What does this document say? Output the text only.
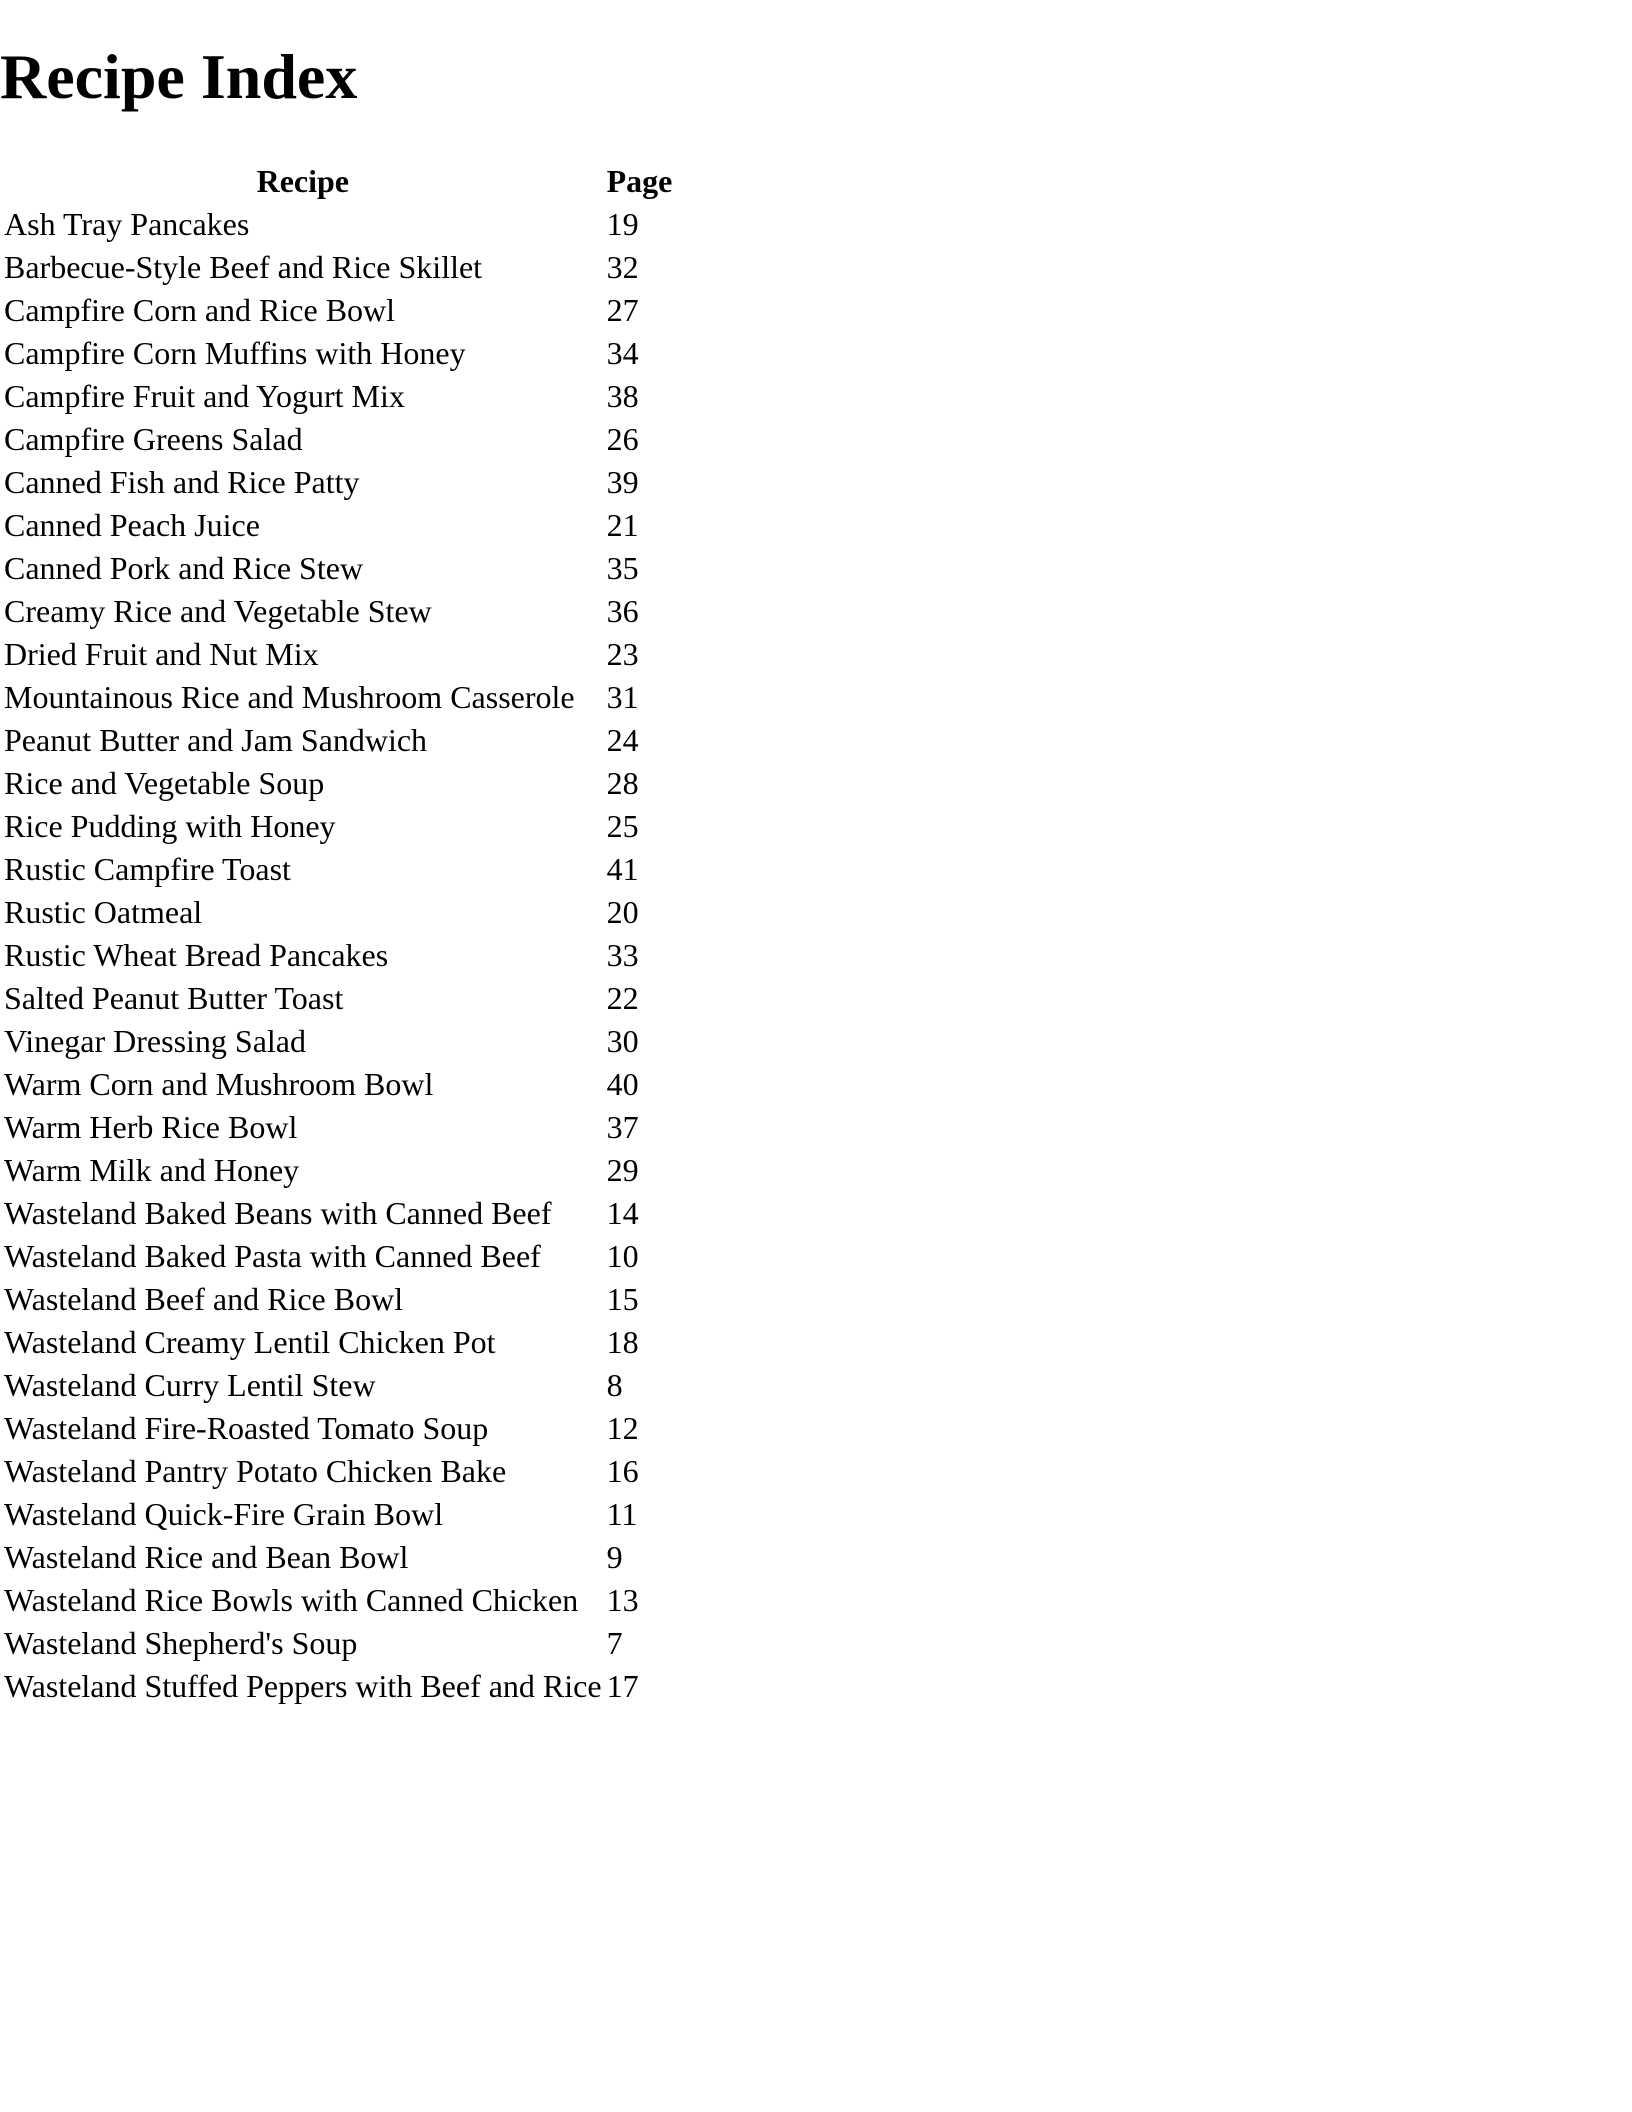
Recipe Index
Recipe	Page
Ash Tray Pancakes	19
Barbecue-Style Beef and Rice Skillet	32
Campfire Corn and Rice Bowl	27
Campfire Corn Muffins with Honey	34
Campfire Fruit and Yogurt Mix	38
Campfire Greens Salad	26
Canned Fish and Rice Patty	39
Canned Peach Juice	21
Canned Pork and Rice Stew	35
Creamy Rice and Vegetable Stew	36
Dried Fruit and Nut Mix	23
Mountainous Rice and Mushroom Casserole	31
Peanut Butter and Jam Sandwich	24
Rice and Vegetable Soup	28
Rice Pudding with Honey	25
Rustic Campfire Toast	41
Rustic Oatmeal	20
Rustic Wheat Bread Pancakes	33
Salted Peanut Butter Toast	22
Vinegar Dressing Salad	30
Warm Corn and Mushroom Bowl	40
Warm Herb Rice Bowl	37
Warm Milk and Honey	29
Wasteland Baked Beans with Canned Beef	14
Wasteland Baked Pasta with Canned Beef	10
Wasteland Beef and Rice Bowl	15
Wasteland Creamy Lentil Chicken Pot	18
Wasteland Curry Lentil Stew	8
Wasteland Fire-Roasted Tomato Soup	12
Wasteland Pantry Potato Chicken Bake	16
Wasteland Quick-Fire Grain Bowl	11
Wasteland Rice and Bean Bowl	9
Wasteland Rice Bowls with Canned Chicken	13
Wasteland Shepherd's Soup	7
Wasteland Stuffed Peppers with Beef and Rice	17
